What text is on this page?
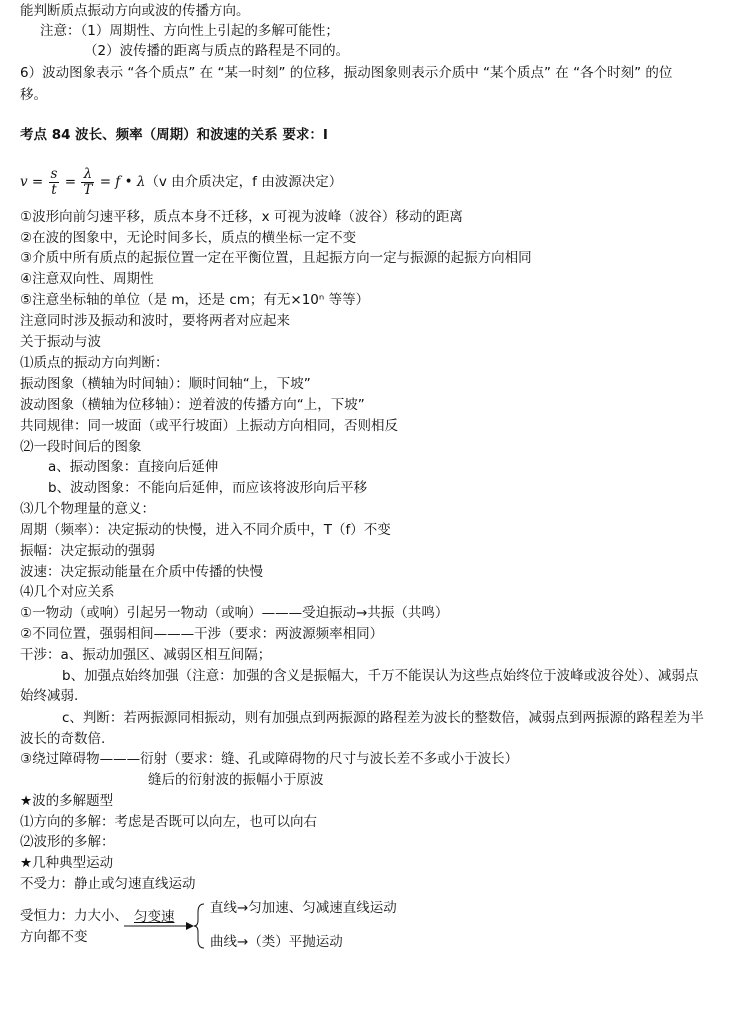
能判断质点振动方向或波的传播方向。
注意：（1）周期性、方向性上引起的多解可能性；
（2）波传播的距离与质点的路程是不同的。
6）波动图象表示 “各个质点” 在 “某一时刻” 的位移，振动图象则表示介质中 “某个质点” 在 “各个时刻” 的位
移。
考点 84 波长、频率（周期）和波速的关系 要求：Ⅰ
$v = \frac{s}{t} = \frac{\lambda}{T} = f$ • λ（v 由介质决定，f 由波源决定）
①波形向前匀速平移，质点本身不迁移，x 可视为波峰（波谷）移动的距离
②在波的图象中，无论时间多长，质点的横坐标一定不变
③介质中所有质点的起振位置一定在平衡位置，且起振方向一定与振源的起振方向相同
④注意双向性、周期性
⑤注意坐标轴的单位（是 m，还是 cm；有无×10ⁿ 等等）
注意同时涉及振动和波时，要将两者对应起来
关于振动与波
⑴质点的振动方向判断：
振动图象（横轴为时间轴）：顺时间轴“上，下坡”
波动图象（横轴为位移轴）：逆着波的传播方向“上，下坡”
共同规律：同一坡面（或平行坡面）上振动方向相同，否则相反
⑵一段时间后的图象
a、振动图象：直接向后延伸
b、波动图象：不能向后延伸，而应该将波形向后平移
⑶几个物理量的意义：
周期（频率）：决定振动的快慢，进入不同介质中，T（f）不变
振幅：决定振动的强弱
波速：决定振动能量在介质中传播的快慢
⑷几个对应关系
①一物动（或响）引起另一物动（或响）———受迫振动→共振（共鸣）
②不同位置，强弱相间———干涉（要求：两波源频率相同）
干涉：a、振动加强区、减弱区相互间隔；
b、加强点始终加强（注意：加强的含义是振幅大，千万不能误认为这些点始终位于波峰或波谷处）、减弱点
始终减弱.
c、判断：若两振源同相振动，则有加强点到两振源的路程差为波长的整数倍，减弱点到两振源的路程差为半
波长的奇数倍.
③绕过障碍物———衍射（要求：缝、孔或障碍物的尺寸与波长差不多或小于波长）
缝后的衍射波的振幅小于原波
★波的多解题型
⑴方向的多解：考虑是否既可以向左，也可以向右
⑵波形的多解：
★几种典型运动
不受力：静止或匀速直线运动
受恒力：力大小、
方向都不变
匀变速
直线→匀加速、匀减速直线运动
曲线→（类）平抛运动
